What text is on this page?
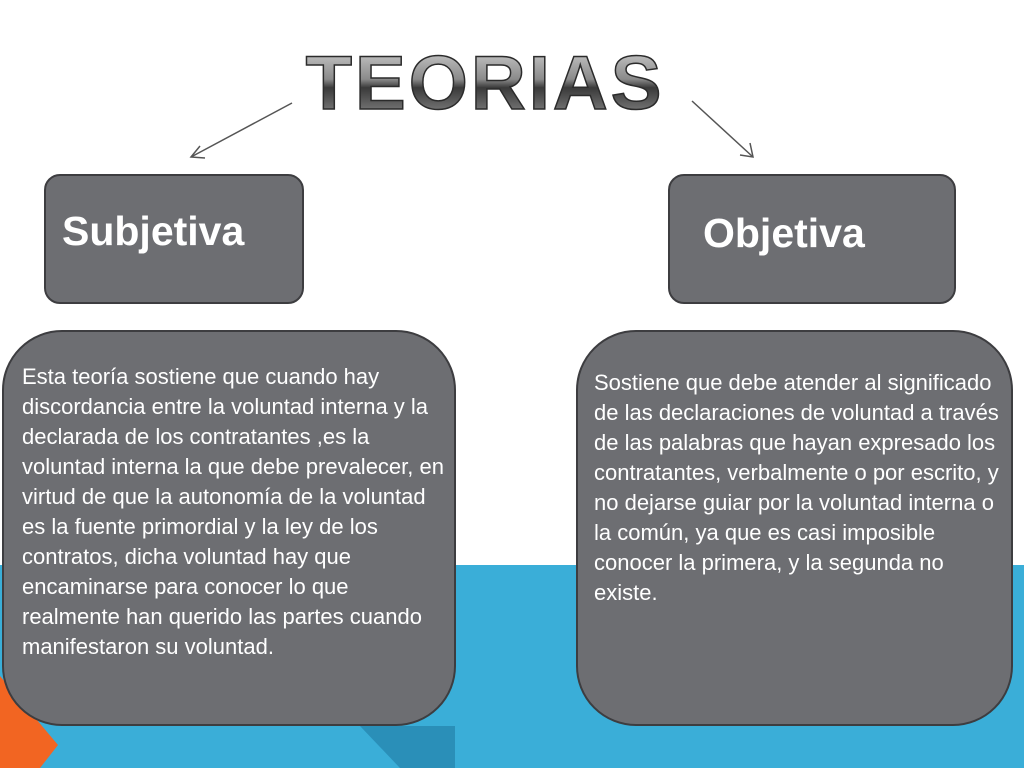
TEORIAS
Subjetiva	Objetiva

Esta teoría sostiene que cuando hay discordancia entre la voluntad interna y la declarada de los contratantes ,es la voluntad interna la que debe prevalecer, en virtud de que la autonomía de la voluntad es la fuente primordial y la ley de los contratos, dicha voluntad hay que encaminarse para conocer lo que realmente han querido las partes cuando manifestaron su voluntad.

Sostiene que debe atender al significado de las declaraciones de voluntad a través de las palabras que hayan expresado los contratantes, verbalmente o por escrito, y no dejarse guiar por la voluntad interna o la común, ya que es casi imposible conocer la primera, y la segunda no existe.
